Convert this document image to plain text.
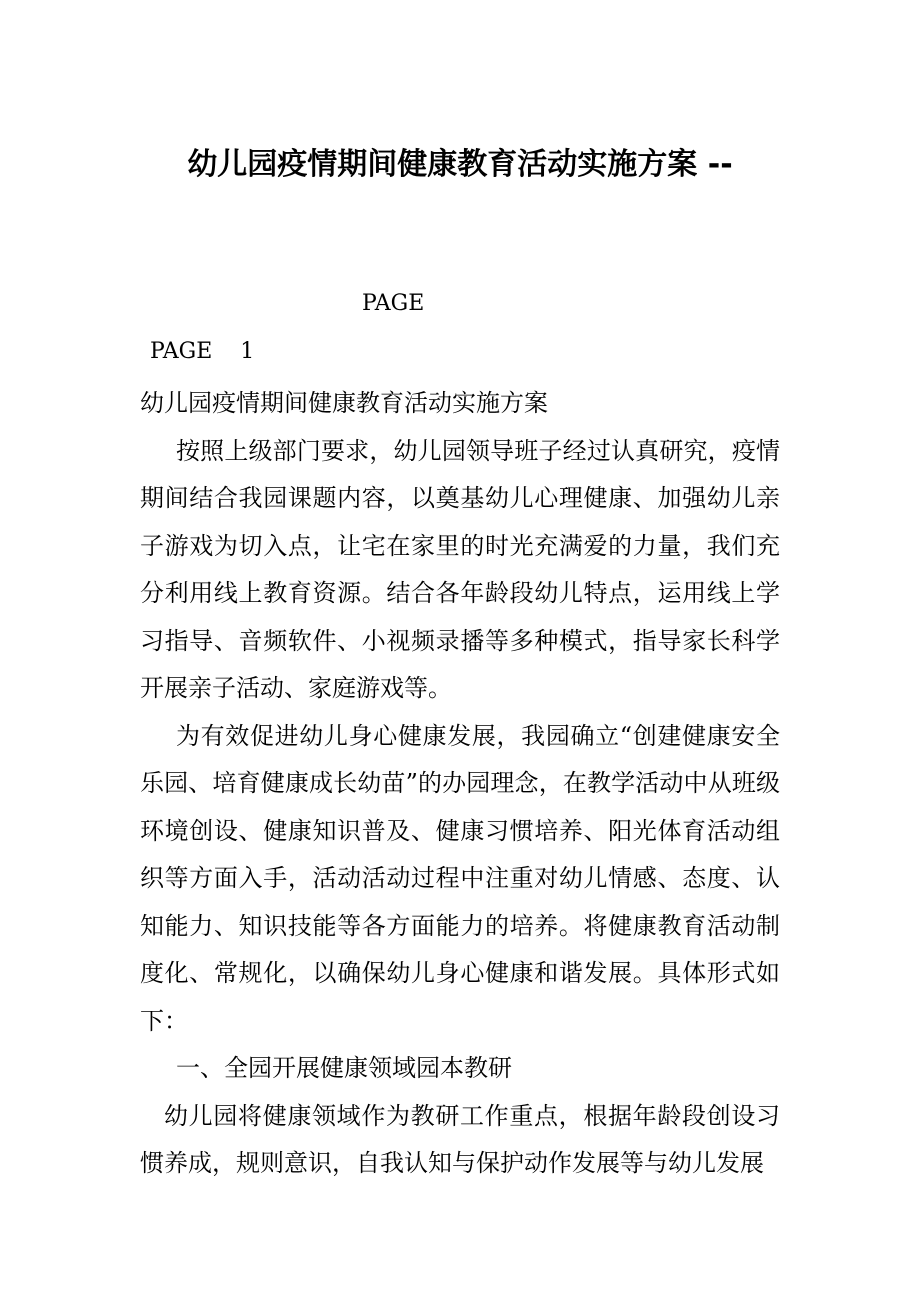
幼儿园疫情期间健康教育活动实施方案 --
PAGE
PAGE    1

幼儿园疫情期间健康教育活动实施方案

按照上级部门要求，幼儿园领导班子经过认真研究，疫情期间结合我园课题内容，以奠基幼儿心理健康、加强幼儿亲子游戏为切入点，让宅在家里的时光充满爱的力量，我们充分利用线上教育资源。结合各年龄段幼儿特点，运用线上学习指导、音频软件、小视频录播等多种模式，指导家长科学开展亲子活动、家庭游戏等。

为有效促进幼儿身心健康发展，我园确立“创建健康安全乐园、培育健康成长幼苗”的办园理念，在教学活动中从班级环境创设、健康知识普及、健康习惯培养、阳光体育活动组织等方面入手，活动活动过程中注重对幼儿情感、态度、认知能力、知识技能等各方面能力的培养。将健康教育活动制度化、常规化，以确保幼儿身心健康和谐发展。具体形式如下：

一、全园开展健康领域园本教研

幼儿园将健康领域作为教研工作重点，根据年龄段创设习惯养成，规则意识，自我认知与保护动作发展等与幼儿发展
